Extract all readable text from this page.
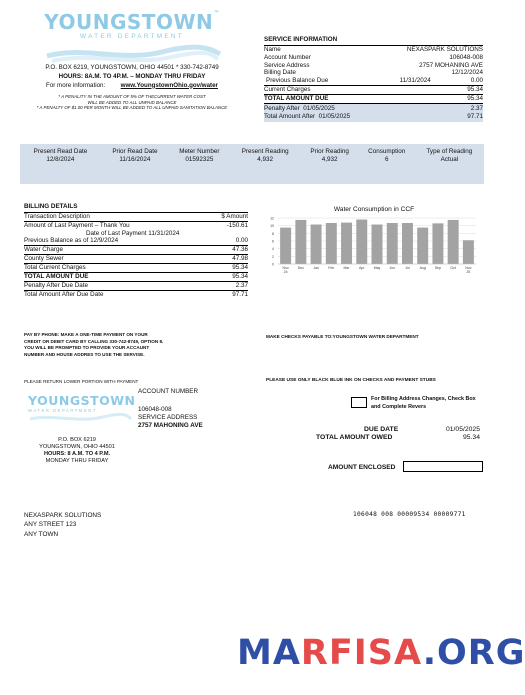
YOUNGSTOWN™
WATER DEPARTMENT
P.O. BOX 6219, YOUNGSTOWN, OHIO 44501 * 330-742-8749
HOURS: 8A.M. TO 4P.M. – MONDAY THRU FRIDAY
For more information: www.YoungstownOhio.gov/water
* A PENALITY IN THE AMOUNT OF 5% OF THECURRENT WATER COST
WILL BE ADDED TO ALL UNPAID BALANCE
* A PENALTY OF $1.00 PER MONTH WILL BE ADDED TO ALL UNPAID SANITATION BALANCE
SERVICE INFORMATION
Name	NEXASPARK SOLUTIONS
Account Number	106048-008
Service Address	2757 MOHANING AVE
Billing Date	12/12/2024
Previous Balance Due	11/31/2024	0.00
Current Charges	95.34
TOTAL AMOUNT DUE	95.34
Penalty After 01/05/2025	2.37
Total Amount After 01/05/2025	97.71
Present Read Date	Prior Read Date	Meter Number	Present Reading	Prior Reading	Consumption	Type of Reading
12/8/2024	11/16/2024	01592325	4,932	4,932	6	Actual
BILLING DETAILS
Transaction Description	$ Amount
Amount of Last Payment – Thank You	-150.61
Date of Last Payment 11/31/2024
Previous Balance as of 12/9/2024	0.00
Water Charge	47.36
County Sewer	47.98
Total Current Charges	95.34
TOTAL AMOUNT DUE	95.34
Penalty After Due Date	2.37
Total Amount After Due Date	97.71
Water Consumption in CCF
0
2
4
6
8
10
12
Nov 24
Dec	Jan	Feb	Mar	Apr	May	Jun	Jul	Aug	Sep	Oct	Nov 25
PAY BY PHONE: MAKE A ONE-TIME PAYMENT ON YOUR CREDIT OR DEBIT CARD BY CALLING 330-742-8749, OPTION 8. YOU WILL BE PROMPTED TO PROVIDE YOUR ACCAUNT NUMBER AND HOUSE ADDRES TO USE THE SERVISE.
MAKE CHECKS PAYABLE TO:YOUNGSTOWN WATER DEPARTMENT
PLEASE RETURN LOWER PORTION WITH PAYMENT	PLEASE USE ONLY BLACK BLUE INK ON CHECKS AND PAYMENT STUBS
YOUNGSTOWN
WATER DEPARTMENT
ACCOUNT NUMBER
106048-008
SERVICE ADDRESS
2757 MAHONING AVE
P.O. BOX 6219
YOUNGSTOWN, OHIO 44501
HOURS: 8 A.M. TO 4 P.M.
MONDAY THRU FRIDAY
For Billing Address Changes, Check Box and Complete Revers
DUE DATE	01/05/2025
TOTAL AMOUNT OWED	95.34
AMOUNT ENCLOSED
NEXASPARK SOLUTIONS
ANY STREET 123
ANY TOWN
106048 008 00009534 00009771
MARFISA.ORG
